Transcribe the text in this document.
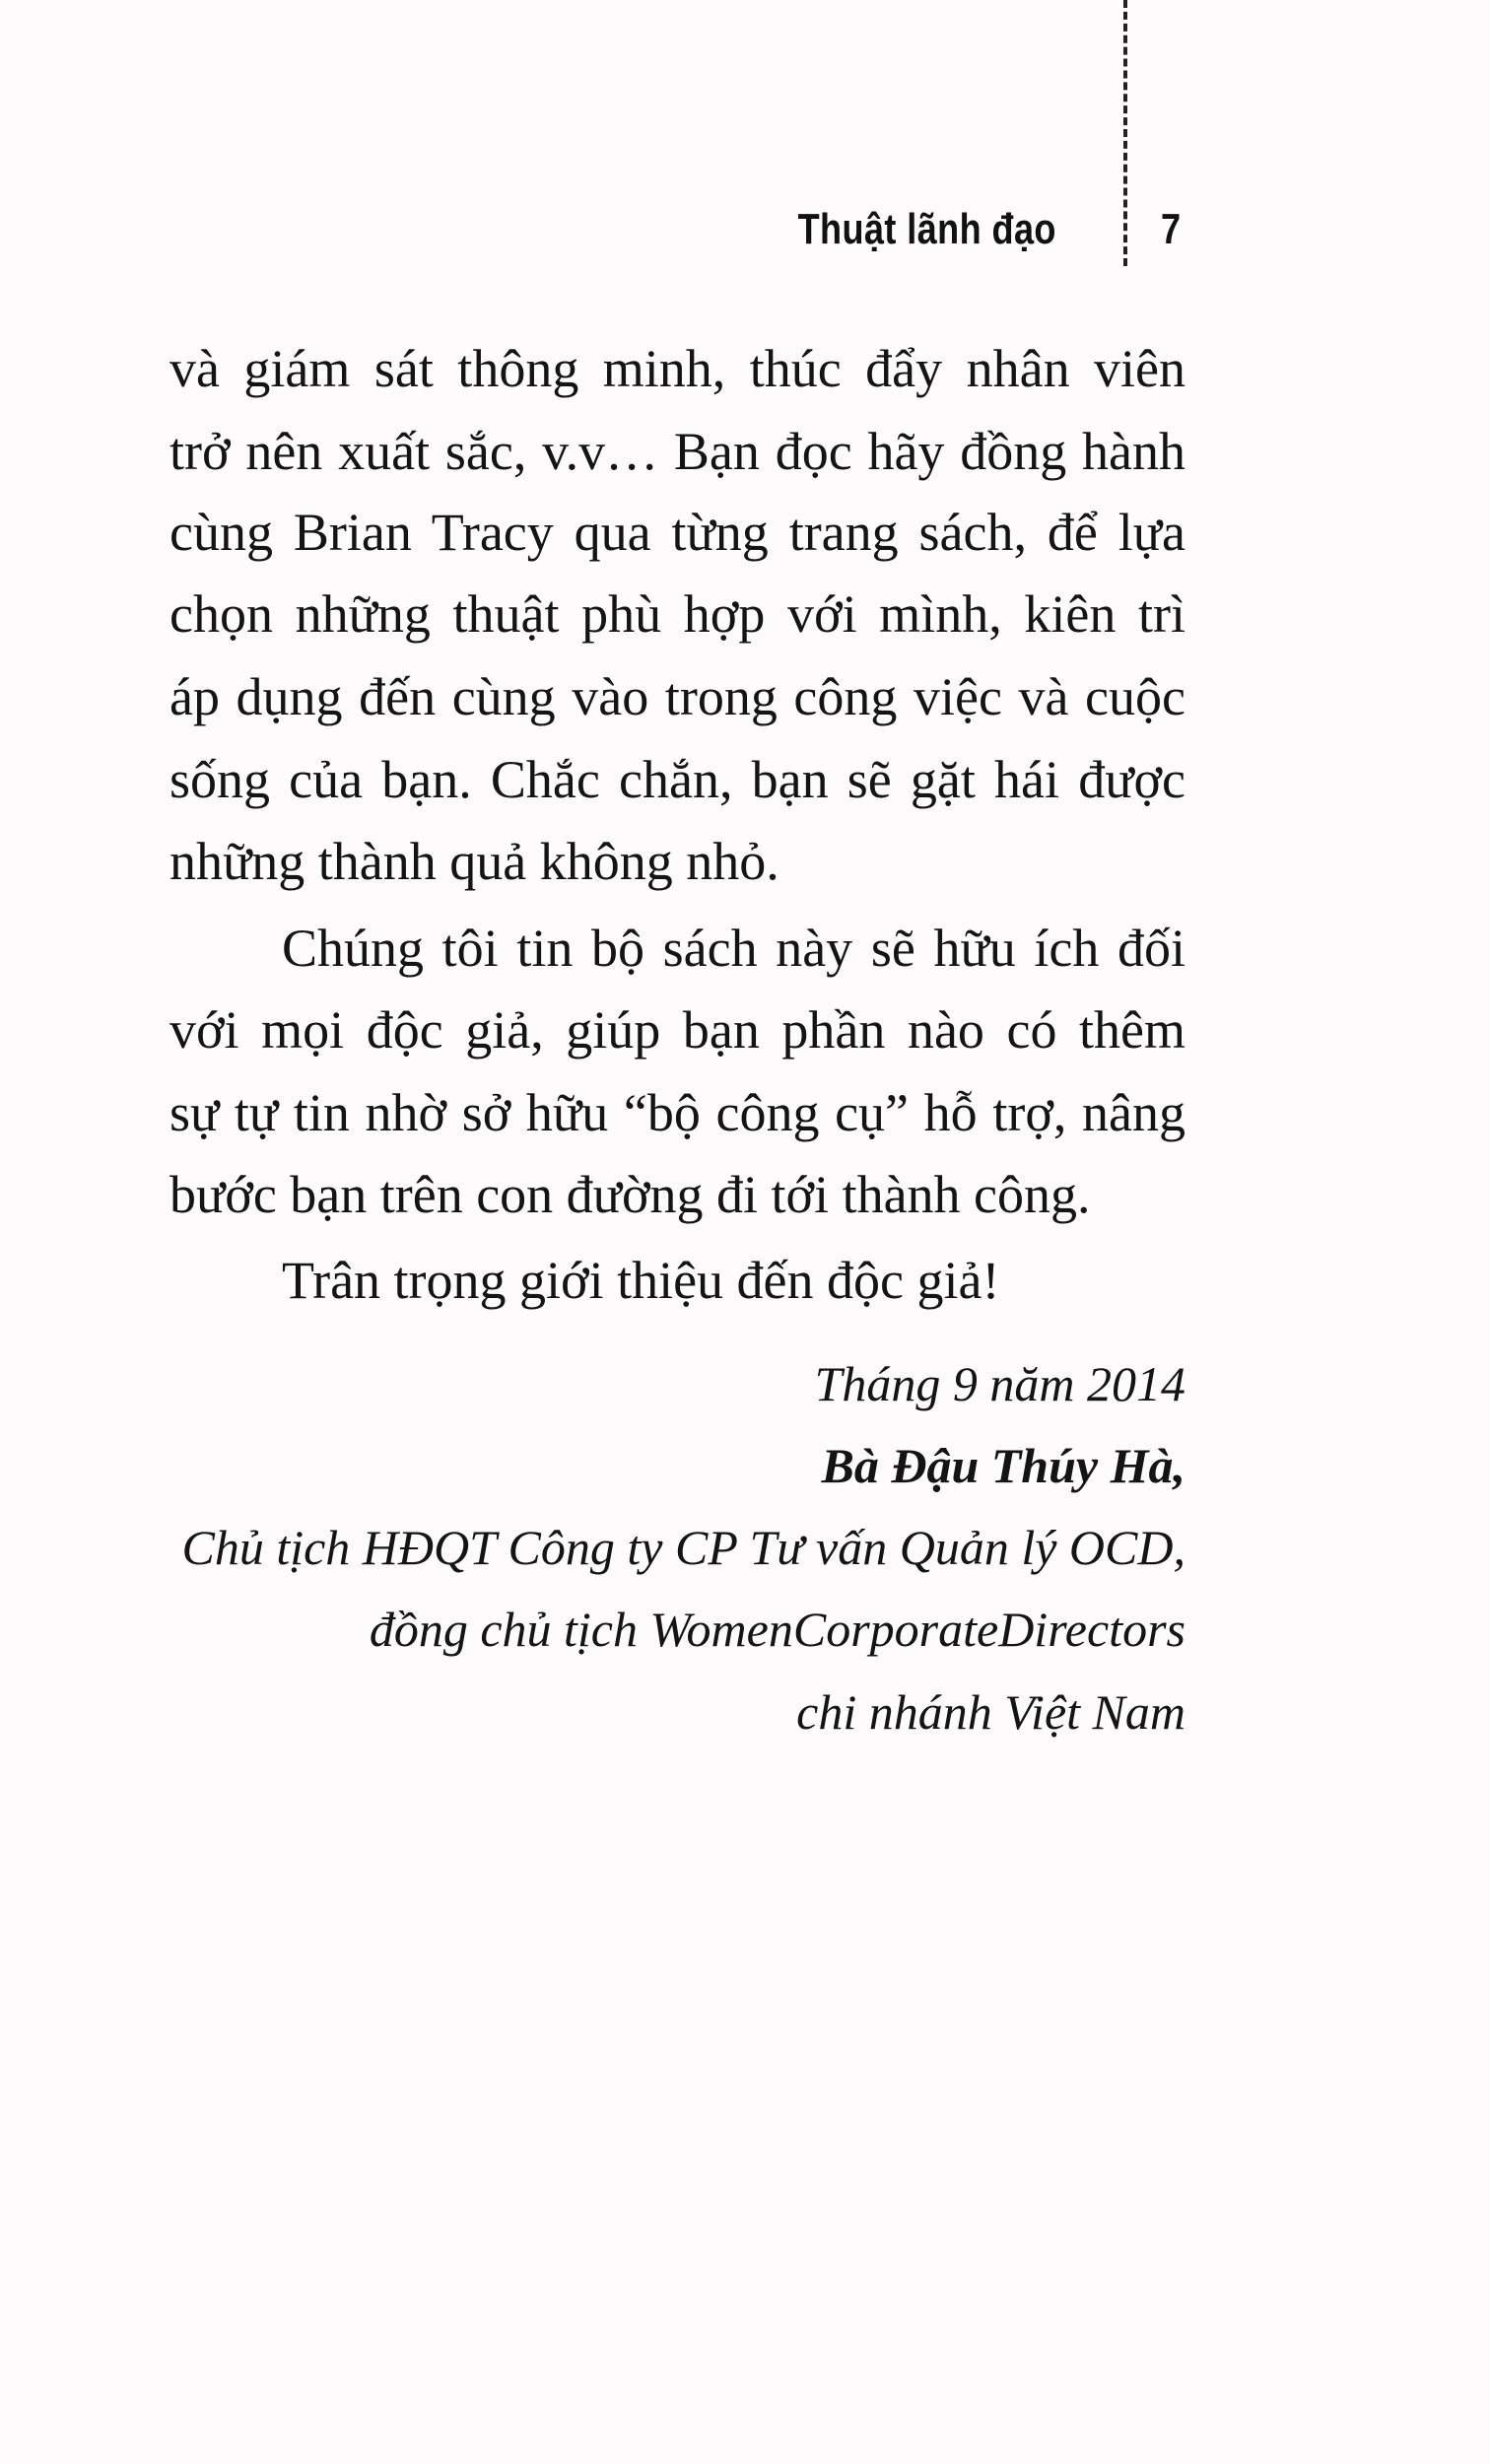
Thuật lãnh đạo 7
và giám sát thông minh, thúc đẩy nhân viên
trở nên xuất sắc, v.v… Bạn đọc hãy đồng hành
cùng Brian Tracy qua từng trang sách, để lựa
chọn những thuật phù hợp với mình, kiên trì
áp dụng đến cùng vào trong công việc và cuộc
sống của bạn. Chắc chắn, bạn sẽ gặt hái được
những thành quả không nhỏ.
Chúng tôi tin bộ sách này sẽ hữu ích đối
với mọi độc giả, giúp bạn phần nào có thêm
sự tự tin nhờ sở hữu “bộ công cụ” hỗ trợ, nâng
bước bạn trên con đường đi tới thành công.
Trân trọng giới thiệu đến độc giả!
Tháng 9 năm 2014
Bà Đậu Thúy Hà,
Chủ tịch HĐQT Công ty CP Tư vấn Quản lý OCD,
đồng chủ tịch WomenCorporateDirectors
chi nhánh Việt Nam
